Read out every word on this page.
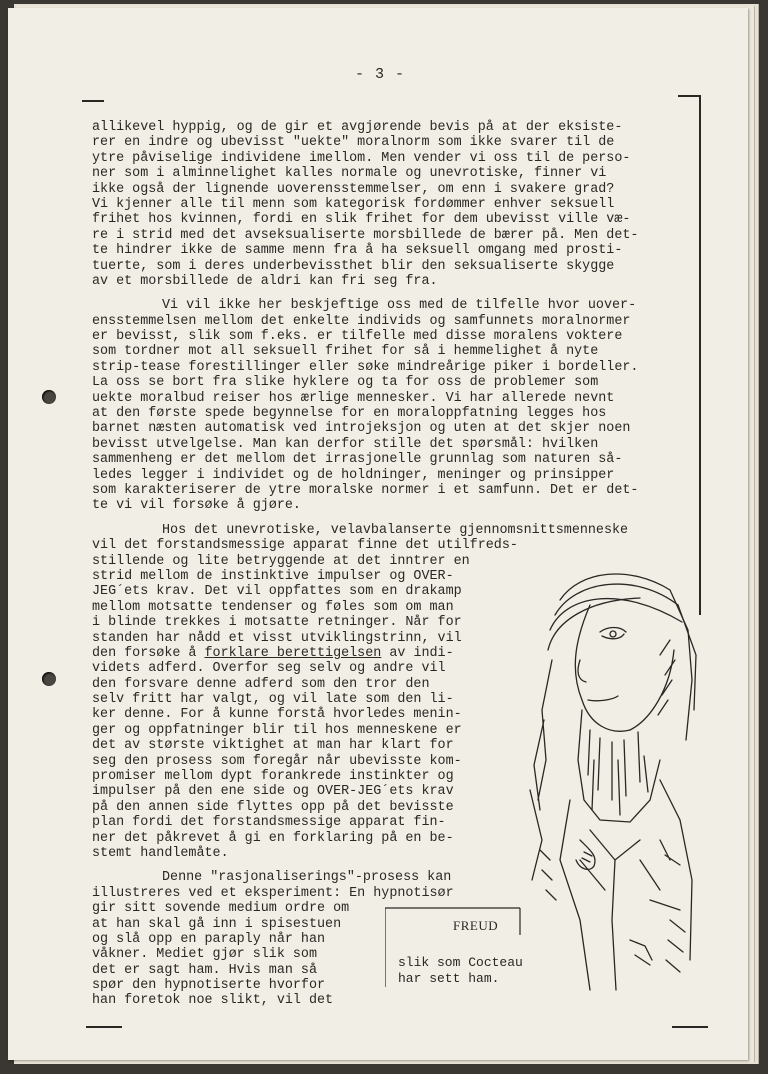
- 3 -
allikevel hyppig, og de gir et avgjørende bevis på at der eksiste-
rer en indre og ubevisst "uekte" moralnorm som ikke svarer til de
ytre påviselige individene imellom. Men vender vi oss til de perso-
ner som i alminnelighet kalles normale og unevrotiske, finner vi
ikke også der lignende uoverensstemmelser, om enn i svakere grad?
Vi kjenner alle til menn som kategorisk fordømmer enhver seksuell
frihet hos kvinnen, fordi en slik frihet for dem ubevisst ville væ-
re i strid med det avseksualiserte morsbillede de bærer på. Men det-
te hindrer ikke de samme menn fra å ha seksuell omgang med prosti-
tuerte, som i deres underbevissthet blir den seksualiserte skygge
av et morsbillede de aldri kan fri seg fra.
Vi vil ikke her beskjeftige oss med de tilfelle hvor uover-
ensstemmelsen mellom det enkelte individs og samfunnets moralnormer
er bevisst, slik som f.eks. er tilfelle med disse moralens voktere
som tordner mot all seksuell frihet for så i hemmelighet å nyte
strip-tease forestillinger eller søke mindreårige piker i bordeller.
La oss se bort fra slike hyklere og ta for oss de problemer som
uekte moralbud reiser hos ærlige mennesker. Vi har allerede nevnt
at den første spede begynnelse for en moraloppfatning legges hos
barnet næsten automatisk ved introjeksjon og uten at det skjer noen
bevisst utvelgelse. Man kan derfor stille det spørsmål: hvilken
sammenheng er det mellom det irrasjonelle grunnlag som naturen så-
ledes legger i individet og de holdninger, meninger og prinsipper
som karakteriserer de ytre moralske normer i et samfunn. Det er det-
te vi vil forsøke å gjøre.
Hos det unevrotiske, velavbalanserte gjennomsnittsmenneske
vil det forstandsmessige apparat finne det utilfreds-
stillende og lite betryggende at det inntrer en
strid mellom de instinktive impulser og OVER-
JEG´ets krav. Det vil oppfattes som en drakamp
mellom motsatte tendenser og føles som om man
i blinde trekkes i motsatte retninger. Når for
standen har nådd et visst utviklingstrinn, vil
den forsøke å forklare berettigelsen av indi-
videts adferd. Overfor seg selv og andre vil
den forsvare denne adferd som den tror den
selv fritt har valgt, og vil late som den li-
ker denne. For å kunne forstå hvorledes menin-
ger og oppfatninger blir til hos menneskene er
det av største viktighet at man har klart for
seg den prosess som foregår når ubevisste kom-
promiser mellom dypt forankrede instinkter og
impulser på den ene side og OVER-JEG´ets krav
på den annen side flyttes opp på det bevisste
plan fordi det forstandsmessige apparat fin-
ner det påkrevet å gi en forklaring på en be-
stemt handlemåte.
Denne "rasjonaliserings"-prosess kan
illustreres ved et eksperiment: En hypnotisør
gir sitt sovende medium ordre om
at han skal gå inn i spisestuen
og slå opp en paraply når han
våkner. Mediet gjør slik som
det er sagt ham. Hvis man så
spør den hypnotiserte hvorfor
han foretok noe slikt, vil det
FREUD
slik som Cocteau
har sett ham.
